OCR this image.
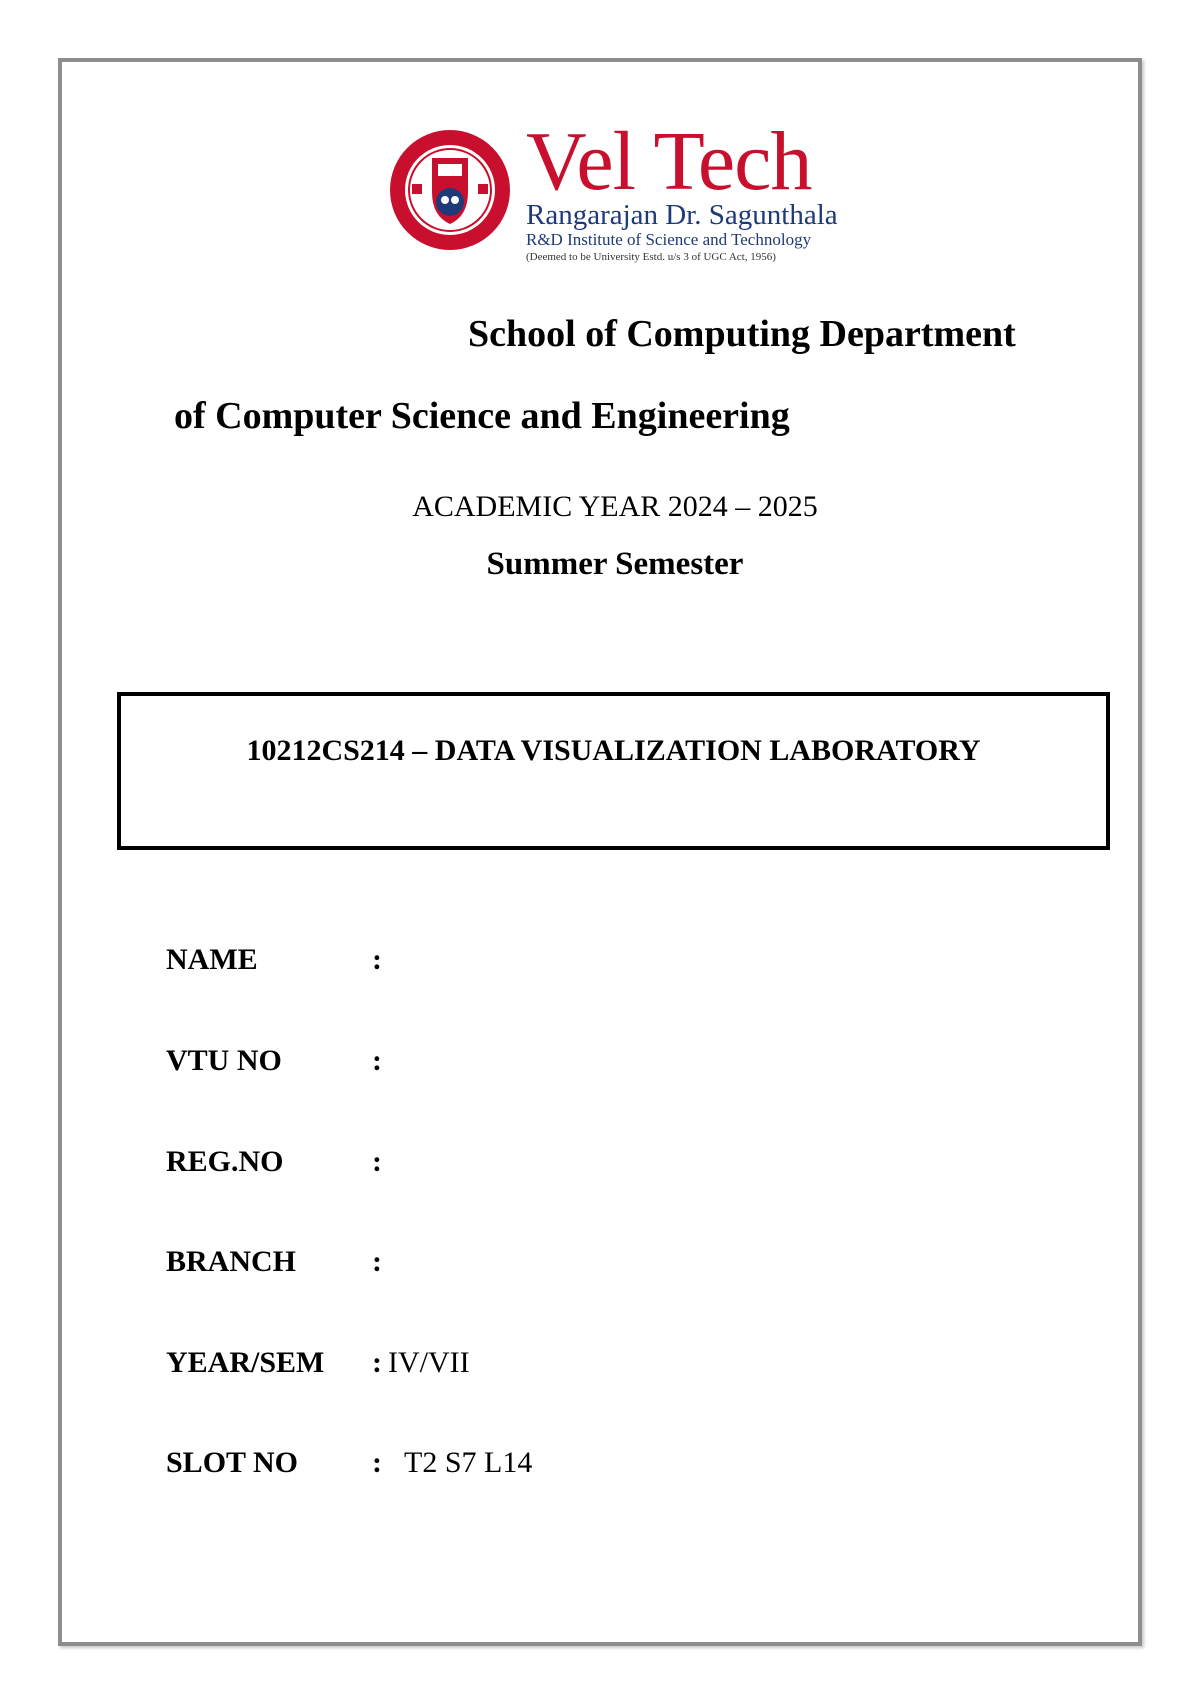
Vel Tech
Rangarajan Dr. Sagunthala
R&D Institute of Science and Technology
(Deemed to be University Estd. u/s 3 of UGC Act, 1956)
School of Computing Department
of Computer Science and Engineering
ACADEMIC YEAR 2024 – 2025
Summer Semester
10212CS214 – DATA VISUALIZATION LABORATORY
NAME	:
VTU NO	:
REG.NO	:
BRANCH	:
YEAR/SEM : IV/VII
SLOT NO : T2 S7 L14
